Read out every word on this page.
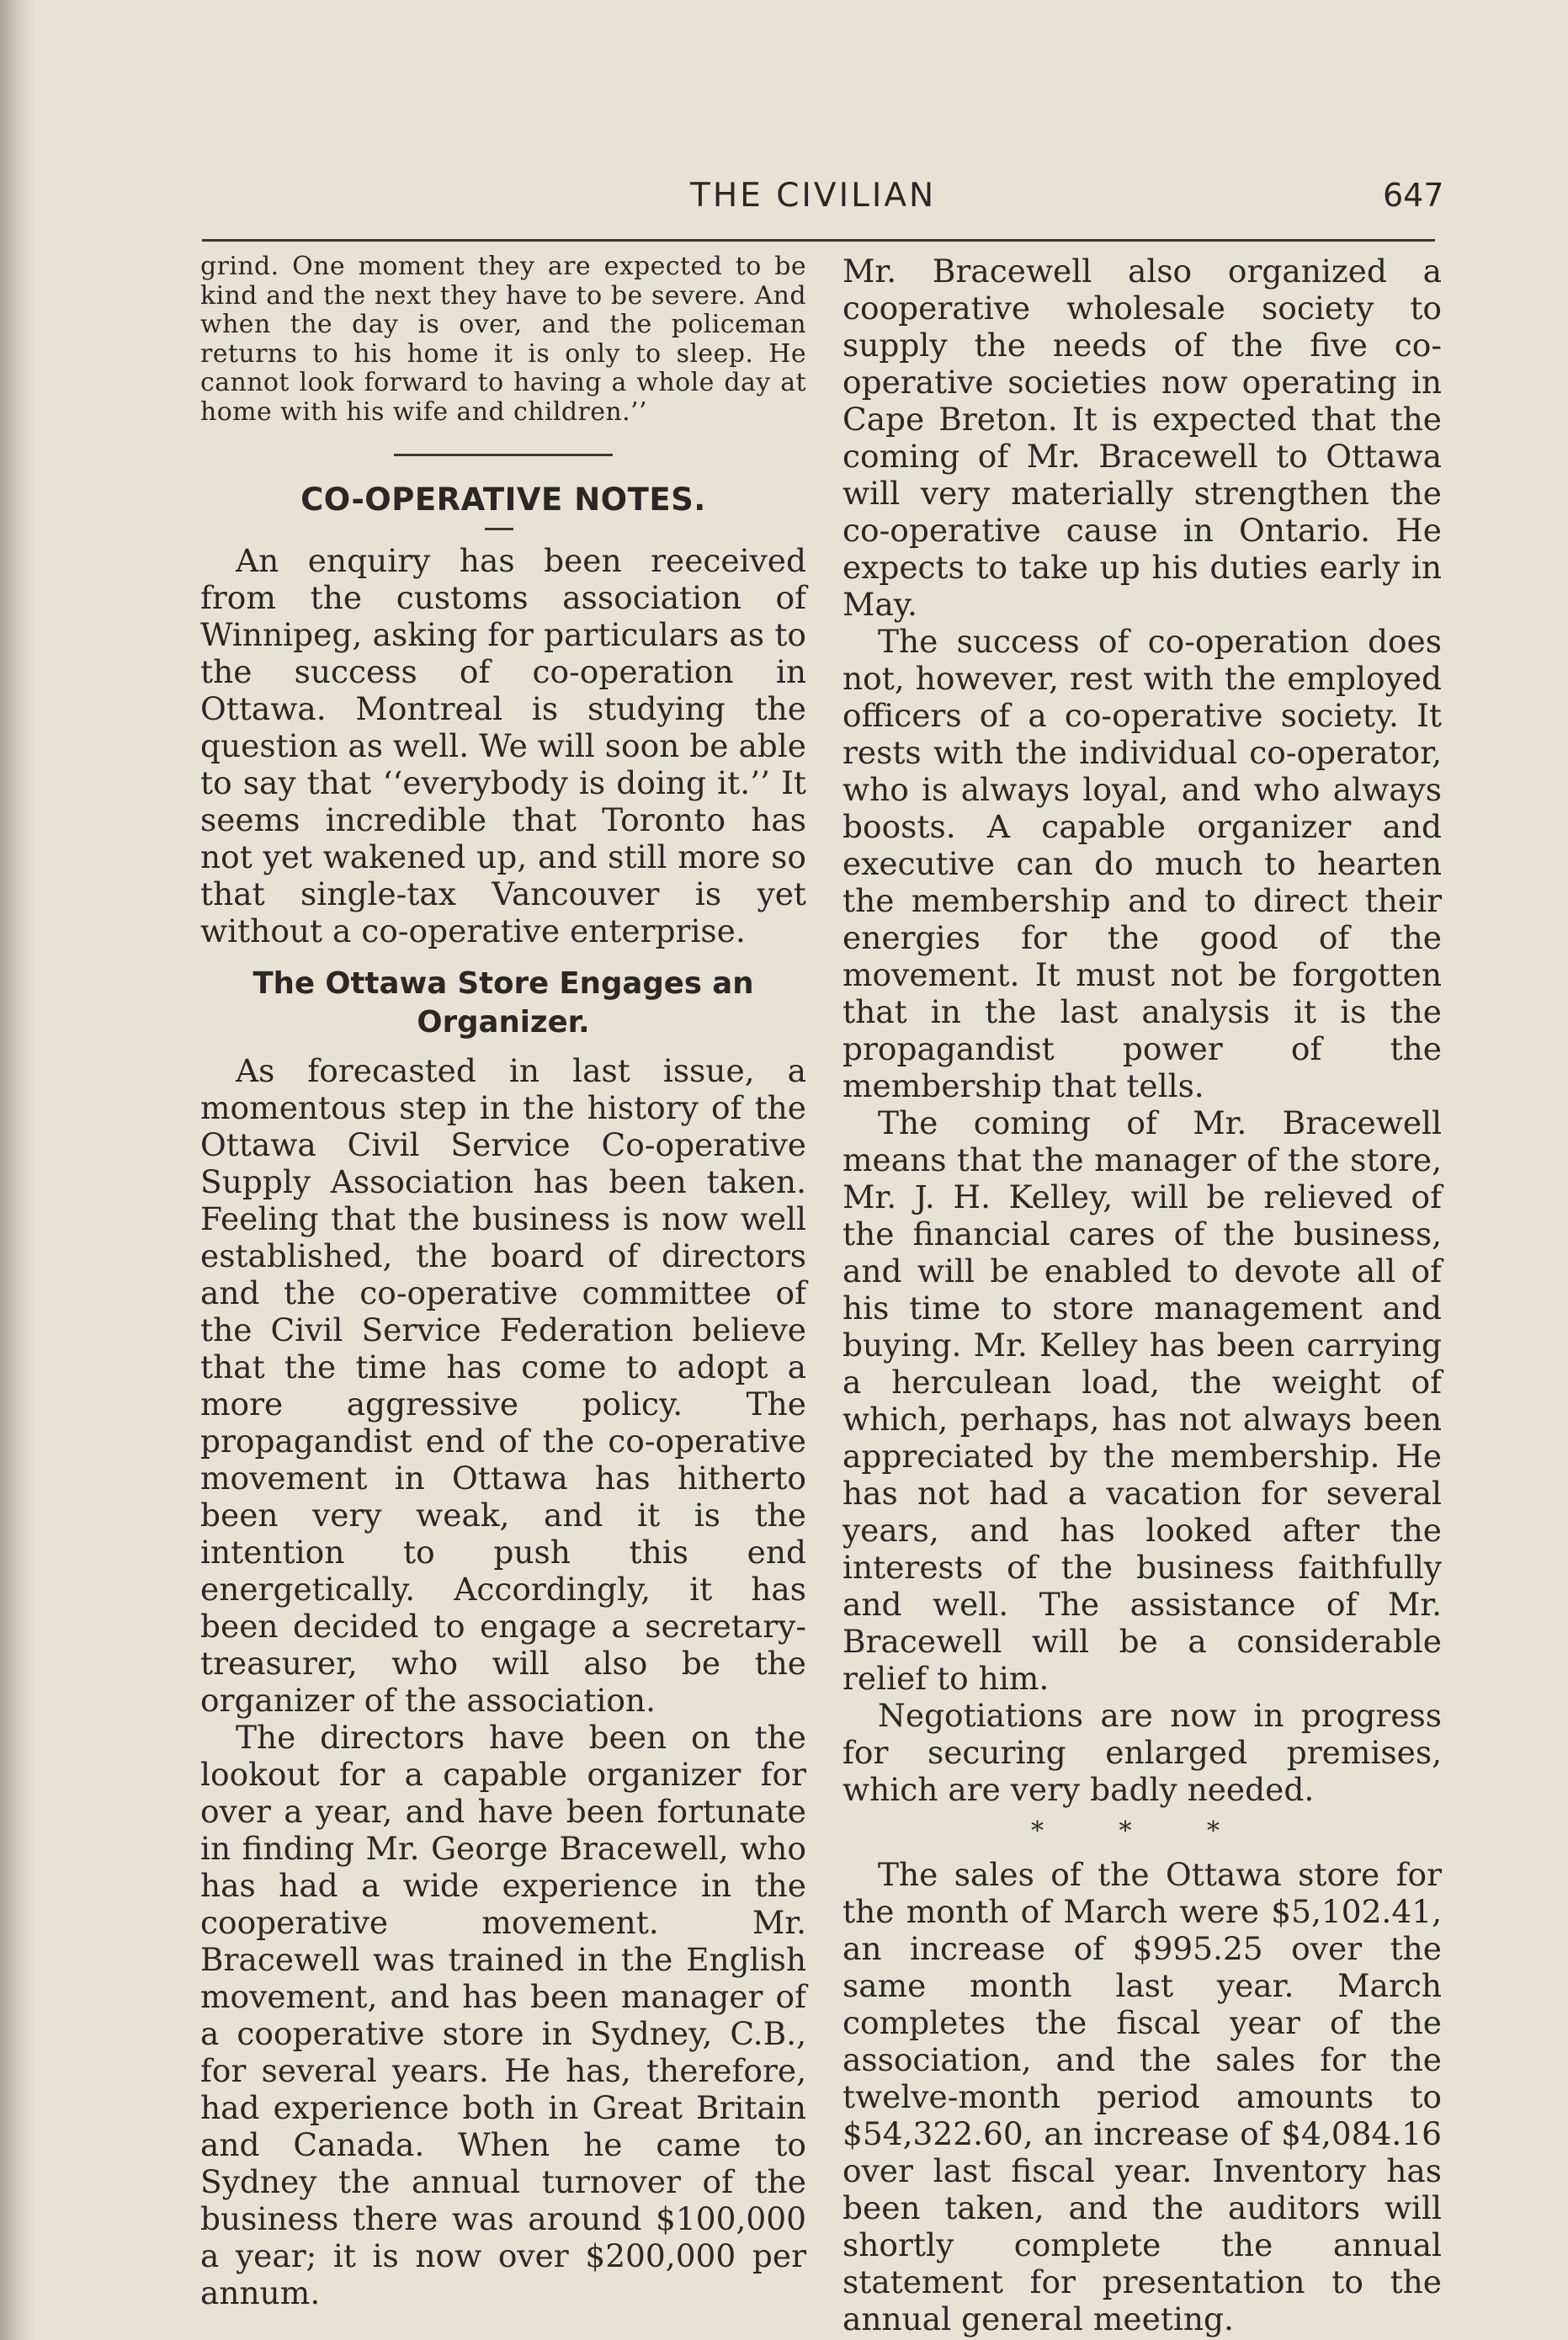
THE CIVILIAN	647

grind. One moment they are expected to be kind and the next they have to be severe. And when the day is over, and the policeman returns to his home it is only to sleep. He cannot look forward to having a whole day at home with his wife and children.’’

CO-OPERATIVE NOTES.

An enquiry has been reeceived from the customs association of Winnipeg, asking for particulars as to the success of co-operation in Ottawa. Montreal is studying the question as well. We will soon be able to say that ‘‘everybody is doing it.’’ It seems incredible that Toronto has not yet wakened up, and still more so that single-tax Vancouver is yet without a co-operative enterprise.

The Ottawa Store Engages an Organizer.

As forecasted in last issue, a momentous step in the history of the Ottawa Civil Service Co-operative Supply Association has been taken. Feeling that the business is now well established, the board of directors and the co-operative committee of the Civil Service Federation believe that the time has come to adopt a more aggressive policy. The propagandist end of the co-operative movement in Ottawa has hitherto been very weak, and it is the intention to push this end energetically. Accordingly, it has been decided to engage a secretary-treasurer, who will also be the organizer of the association.

The directors have been on the lookout for a capable organizer for over a year, and have been fortunate in finding Mr. George Bracewell, who has had a wide experience in the cooperative movement. Mr. Bracewell was trained in the English movement, and has been manager of a cooperative store in Sydney, C.B., for several years. He has, therefore, had experience both in Great Britain and Canada. When he came to Sydney the annual turnover of the business there was around $100,000 a year; it is now over $200,000 per annum.

Mr. Bracewell also organized a cooperative wholesale society to supply the needs of the five co-operative societies now operating in Cape Breton. It is expected that the coming of Mr. Bracewell to Ottawa will very materially strengthen the co-operative cause in Ontario. He expects to take up his duties early in May.

The success of co-operation does not, however, rest with the employed officers of a co-operative society. It rests with the individual co-operator, who is always loyal, and who always boosts. A capable organizer and executive can do much to hearten the membership and to direct their energies for the good of the movement. It must not be forgotten that in the last analysis it is the propagandist power of the membership that tells.

The coming of Mr. Bracewell means that the manager of the store, Mr. J. H. Kelley, will be relieved of the financial cares of the business, and will be enabled to devote all of his time to store management and buying. Mr. Kelley has been carrying a herculean load, the weight of which, perhaps, has not always been appreciated by the membership. He has not had a vacation for several years, and has looked after the interests of the business faithfully and well. The assistance of Mr. Bracewell will be a considerable relief to him.

Negotiations are now in progress for securing enlarged premises, which are very badly needed.

* * *

The sales of the Ottawa store for the month of March were $5,102.41, an increase of $995.25 over the same month last year. March completes the fiscal year of the association, and the sales for the twelve-month period amounts to $54,322.60, an increase of $4,084.16 over last fiscal year. Inventory has been taken, and the auditors will shortly complete the annual statement for presentation to the annual general meeting.
